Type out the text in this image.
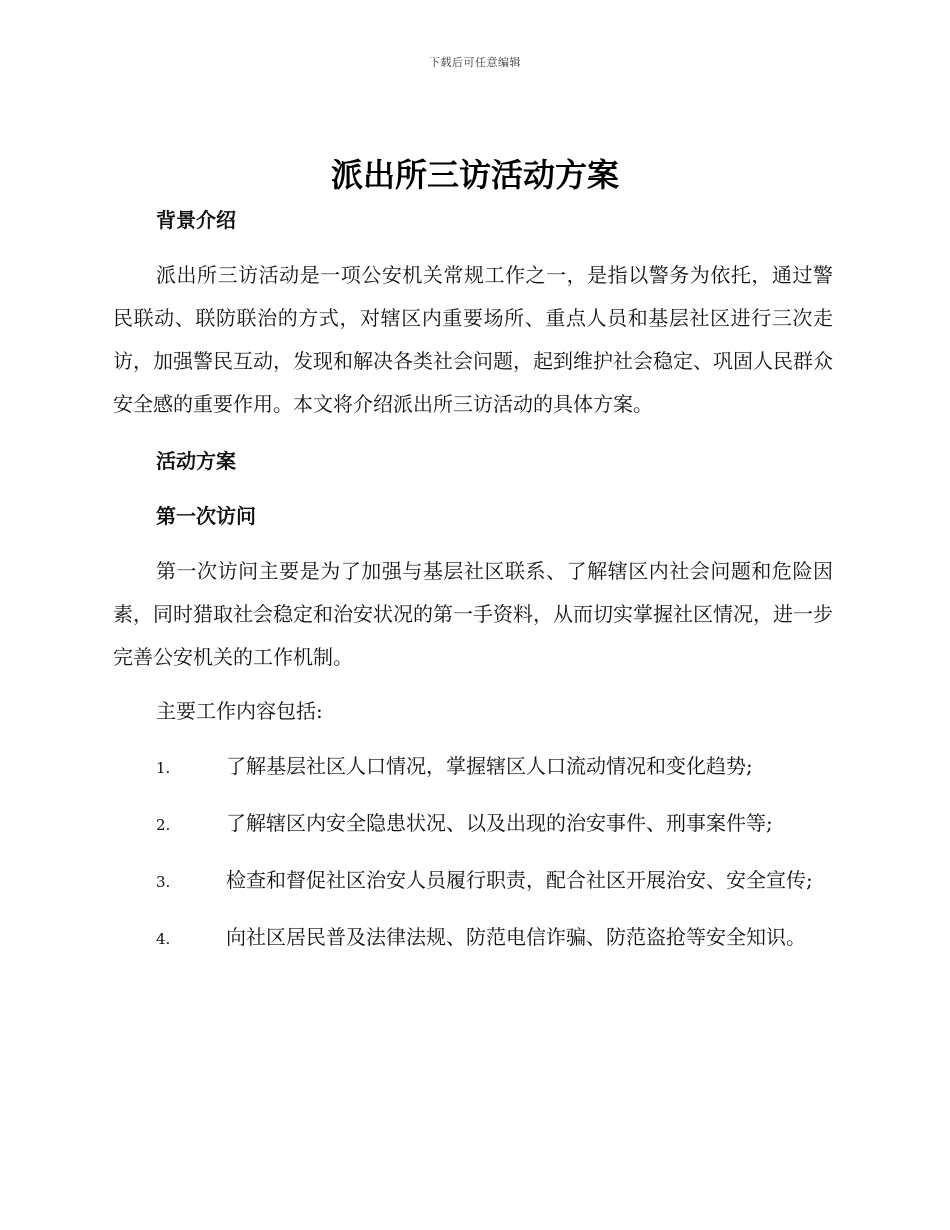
下载后可任意编辑
派出所三访活动方案

背景介绍

派出所三访活动是一项公安机关常规工作之一，是指以警务为依托，通过警民联动、联防联治的方式，对辖区内重要场所、重点人员和基层社区进行三次走访，加强警民互动，发现和解决各类社会问题，起到维护社会稳定、巩固人民群众安全感的重要作用。本文将介绍派出所三访活动的具体方案。

活动方案

第一次访问

第一次访问主要是为了加强与基层社区联系、了解辖区内社会问题和危险因素，同时猎取社会稳定和治安状况的第一手资料，从而切实掌握社区情况，进一步完善公安机关的工作机制。

主要工作内容包括:

1.	了解基层社区人口情况，掌握辖区人口流动情况和变化趋势;

2.	了解辖区内安全隐患状况、以及出现的治安事件、刑事案件等;

3.	检查和督促社区治安人员履行职责，配合社区开展治安、安全宣传;

4.	向社区居民普及法律法规、防范电信诈骗、防范盗抢等安全知识。
